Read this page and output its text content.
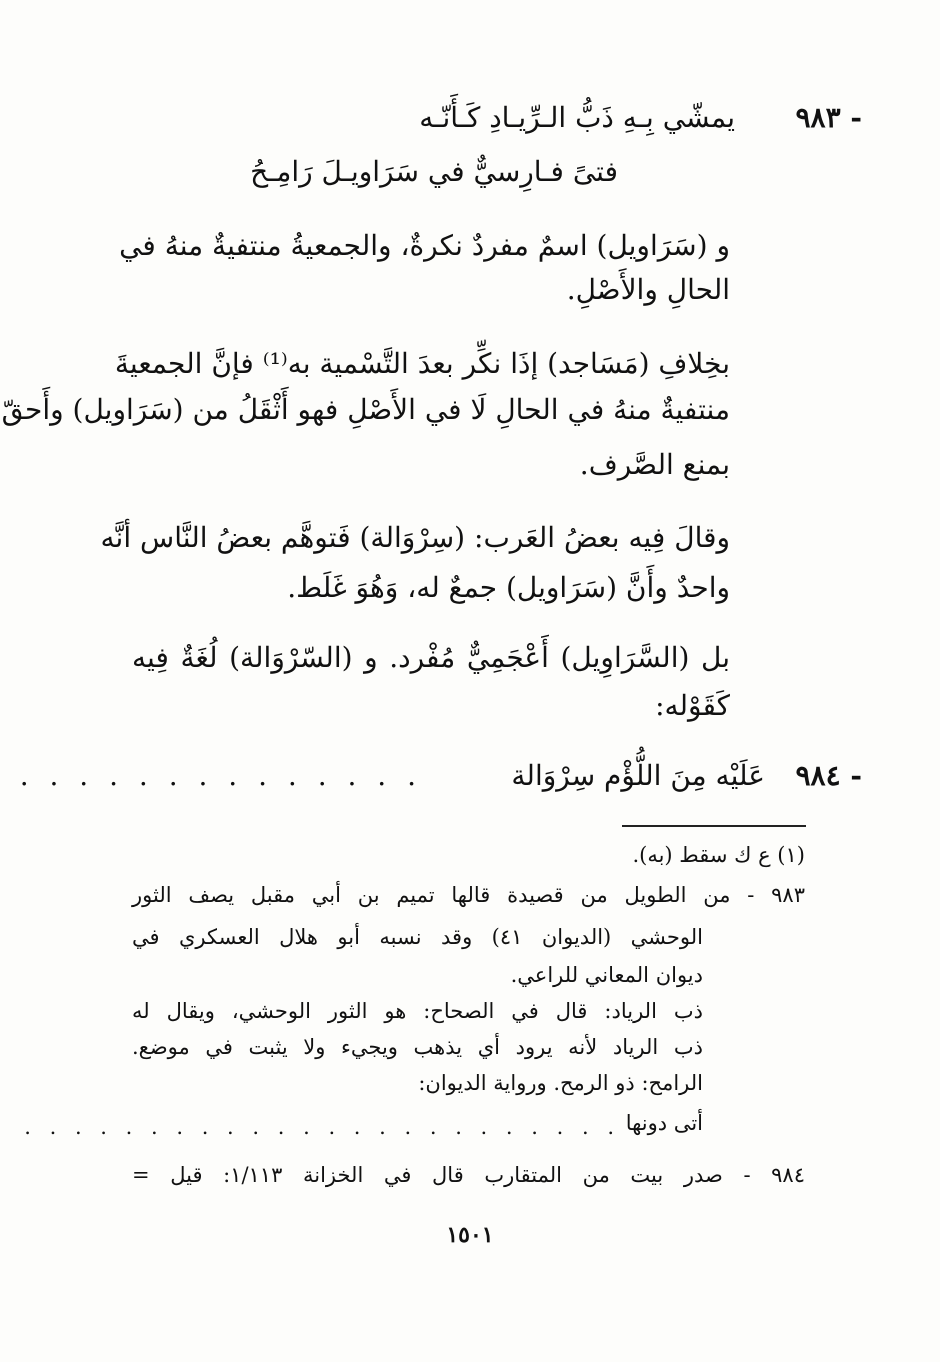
٩٨٣ -
يمشّي بِـهِ ذَبُّ الـرِّيـادِ كَـأَنّـه
فتىً فـارِسيٌّ في سَرَاويـلَ رَامِـحُ
و (سَرَاويل) اسمٌ مفردٌ نكرةٌ، والجمعيةُ منتفيةٌ منهُ في
الحالِ والأَصْلِ.
بخِلافِ (مَسَاجد) إذَا نكِّر بعدَ التَّسْمية به⁽¹⁾ فإنَّ الجمعيةَ
منتفيةٌ منهُ في الحالِ لَا في الأَصْلِ فهو أَثْقَلُ من (سَرَاويل) وأَحقّ
بمنع الصَّرف.
وقالَ فِيه بعضُ العَرب: (سِرْوَالة) فَتوهَّم بعضُ النَّاس أنَّه
واحدٌ وأَنَّ (سَرَاويل) جمعٌ له، وَهُوَ غَلَط.
بل (السَّرَاوِيل) أَعْجَمِيٌّ مُفْرد. و (السّرْوَالة) لُغَةٌ فِيه
كَقَوْله:
٩٨٤ -
عَلَيْه مِنَ اللُّؤْم سِرْوَالة
. . . . . . . . . . . . . .
(١) ع ك سقط (به).
٩٨٣ - من الطويل من قصيدة قالها تميم بن أبي مقبل يصف الثور
الوحشي (الديوان ٤١) وقد نسبه أبو هلال العسكري في
ديوان المعاني للراعي.
ذب الرياد: قال في الصحاح: هو الثور الوحشي، ويقال له
ذب الرياد لأنه يرود أي يذهب ويجيء ولا يثبت في موضع.
الرامح: ذو الرمح. ورواية الديوان:
أتى دونها
. . . . . . . . . . . . . . . . . . . . . . . .
٩٨٤ - صدر بيت من المتقارب قال في الخزانة ١/١١٣: قيل =
١٥٠١
